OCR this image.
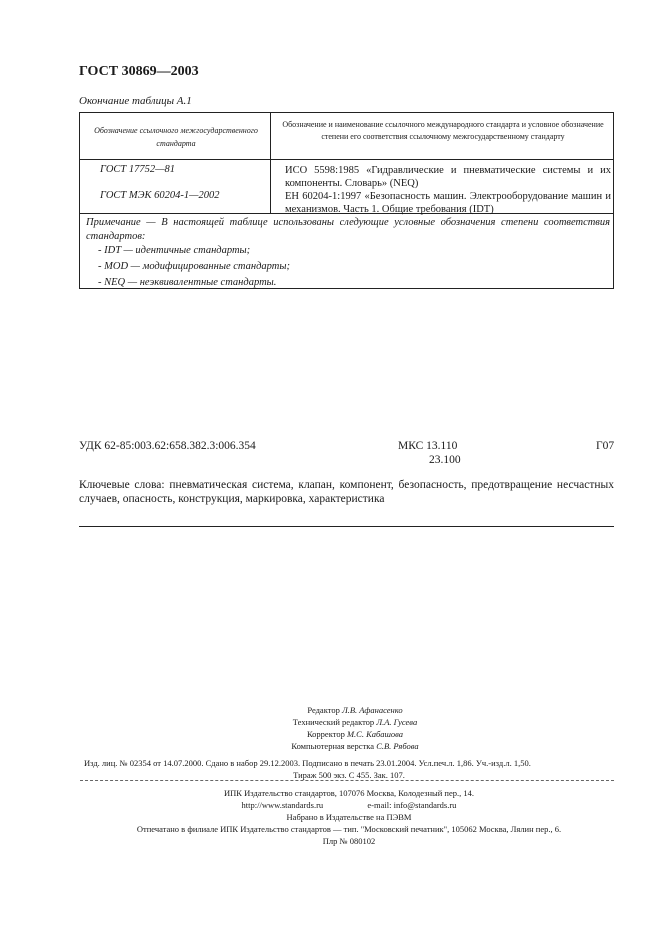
ГОСТ 30869—2003
Окончание таблицы А.1
Обозначение ссылочного межгосударственного стандарта
Обозначение и наименование ссылочного международного стандарта и условное обозначение степени его соответствия ссылочному межгосударственному стандарту
ГОСТ 17752—81	ИСО 5598:1985 «Гидравлические и пневматические системы и их компоненты. Словарь» (NEQ)
ГОСТ МЭК 60204-1—2002	ЕН 60204-1:1997 «Безопасность машин. Электрооборудование машин и механизмов. Часть 1. Общие требования (IDT)
Примечание — В настоящей таблице использованы следующие условные обозначения степени соответствия стандартов:
- IDT — идентичные стандарты;
- MOD — модифицированные стандарты;
- NEQ — неэквивалентные стандарты.
УДК 62-85:003.62:658.382.3:006.354	МКС 13.110
23.100
Г07
Ключевые слова: пневматическая система, клапан, компонент, безопасность, предотвращение несчастных случаев, опасность, конструкция, маркировка, характеристика
Редактор Л.В. Афанасенко
Технический редактор Л.А. Гусева
Корректор М.С. Кабашова
Компьютерная верстка С.В. Рябова
Изд. лиц. № 02354 от 14.07.2000. Сдано в набор 29.12.2003. Подписано в печать 23.01.2004. Усл.печ.л. 1,86. Уч.-изд.л. 1,50.
Тираж 500 экз. С 455. Зак. 107.
ИПК Издательство стандартов, 107076 Москва, Колодезный пер., 14.
http://www.standards.ru	e-mail: info@standards.ru
Набрано в Издательстве на ПЭВМ
Отпечатано в филиале ИПК Издательство стандартов — тип. "Московский печатник", 105062 Москва, Лялин пер., 6.
Плр № 080102
